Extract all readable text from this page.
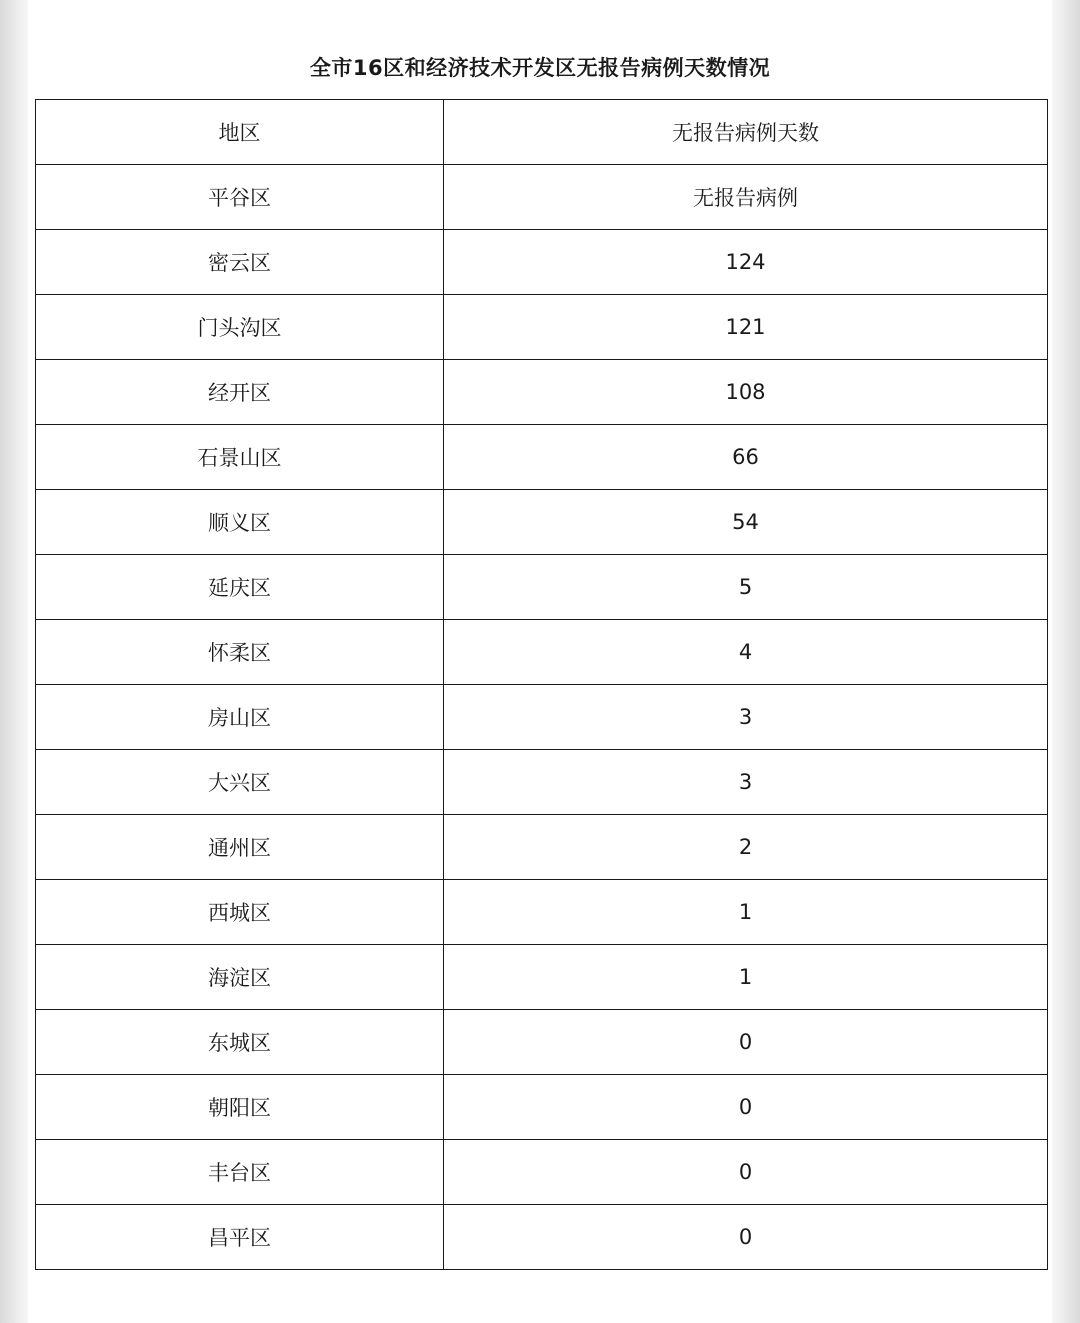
全市16区和经济技术开发区无报告病例天数情况
地区	无报告病例天数
平谷区	无报告病例
密云区	124
门头沟区	121
经开区	108
石景山区	66
顺义区	54
延庆区	5
怀柔区	4
房山区	3
大兴区	3
通州区	2
西城区	1
海淀区	1
东城区	0
朝阳区	0
丰台区	0
昌平区	0
